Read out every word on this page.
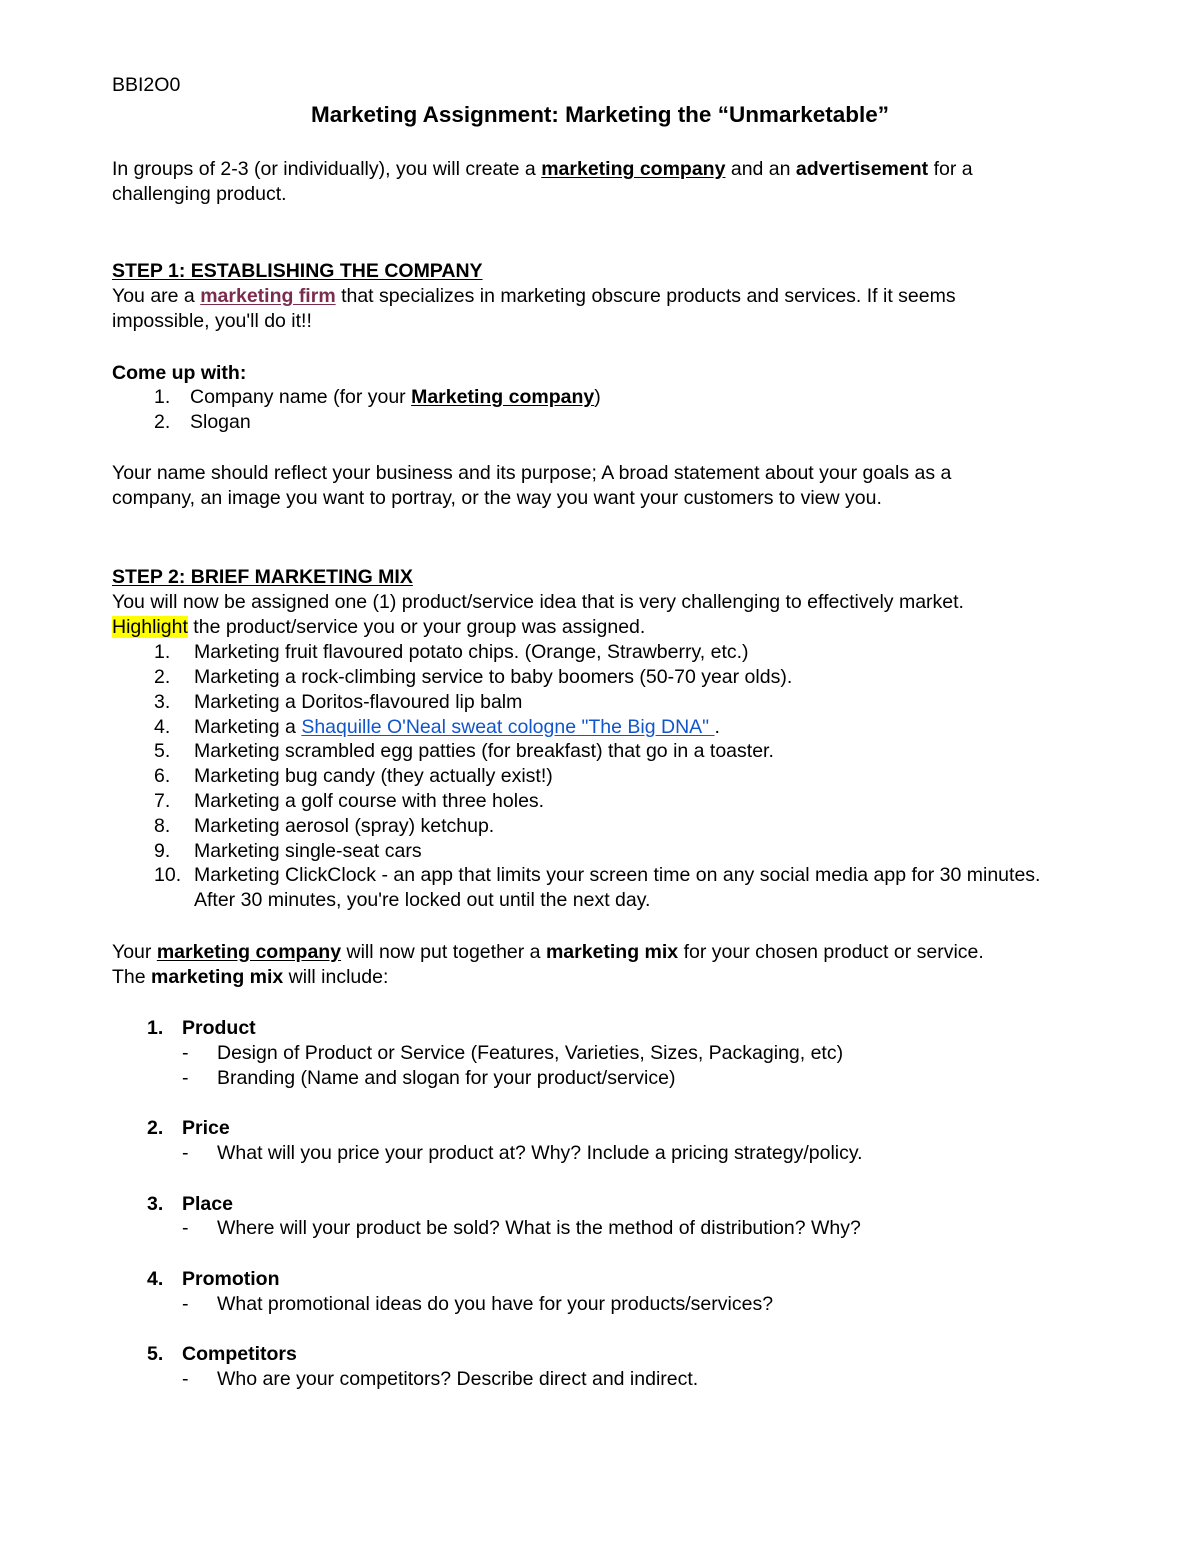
BBI2O0
Marketing Assignment: Marketing the “Unmarketable”
In groups of 2-3 (or individually), you will create a marketing company and an advertisement for a
challenging product.
STEP 1: ESTABLISHING THE COMPANY
You are a marketing firm that specializes in marketing obscure products and services. If it seems
impossible, you'll do it!!
Come up with:
1. Company name (for your Marketing company)
2. Slogan
Your name should reflect your business and its purpose; A broad statement about your goals as a
company, an image you want to portray, or the way you want your customers to view you.
STEP 2: BRIEF MARKETING MIX
You will now be assigned one (1) product/service idea that is very challenging to effectively market.
Highlight the product/service you or your group was assigned.
1. Marketing fruit flavoured potato chips. (Orange, Strawberry, etc.)
2. Marketing a rock-climbing service to baby boomers (50-70 year olds).
3. Marketing a Doritos-flavoured lip balm
4. Marketing a Shaquille O'Neal sweat cologne "The Big DNA" .
5. Marketing scrambled egg patties (for breakfast) that go in a toaster.
6. Marketing bug candy (they actually exist!)
7. Marketing a golf course with three holes.
8. Marketing aerosol (spray) ketchup.
9. Marketing single-seat cars
10. Marketing ClickClock - an app that limits your screen time on any social media app for 30 minutes.
After 30 minutes, you're locked out until the next day.
Your marketing company will now put together a marketing mix for your chosen product or service.
The marketing mix will include:
1. Product
- Design of Product or Service (Features, Varieties, Sizes, Packaging, etc)
- Branding (Name and slogan for your product/service)
2. Price
- What will you price your product at? Why? Include a pricing strategy/policy.
3. Place
- Where will your product be sold? What is the method of distribution? Why?
4. Promotion
- What promotional ideas do you have for your products/services?
5. Competitors
- Who are your competitors? Describe direct and indirect.
